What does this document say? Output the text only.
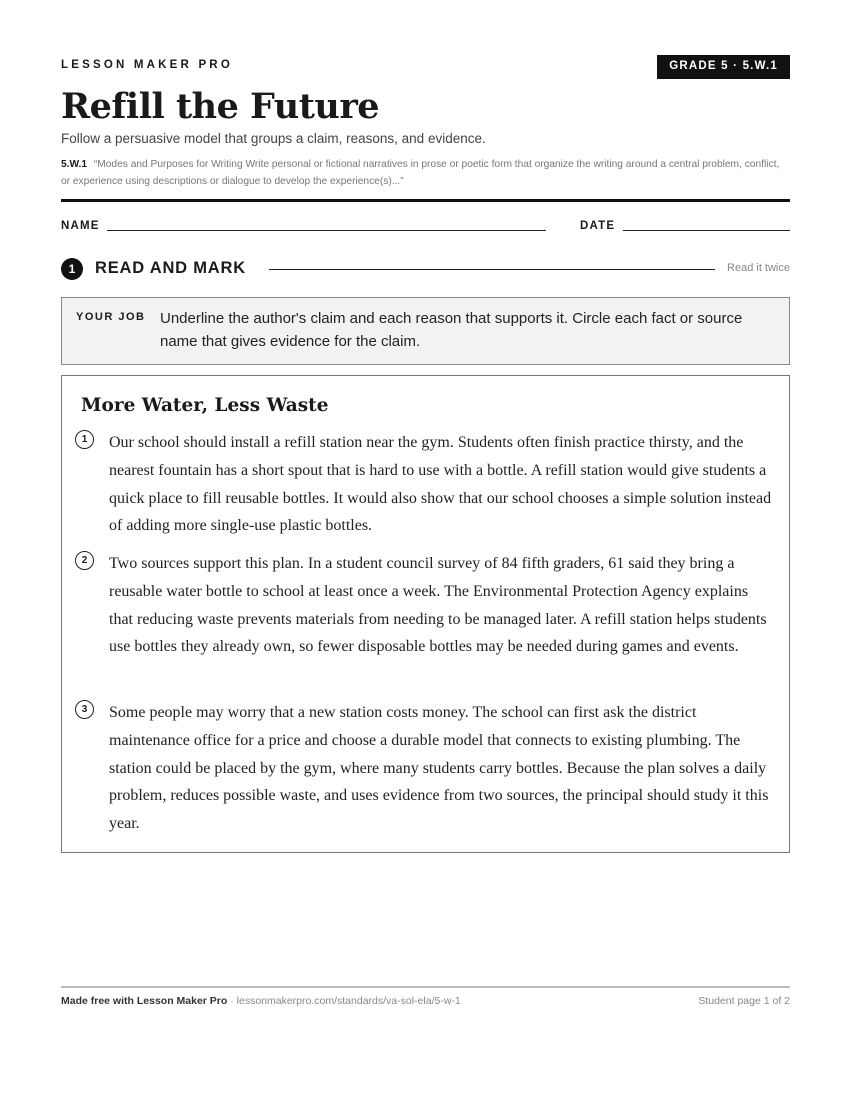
LESSON MAKER PRO	GRADE 5 · 5.W.1
Refill the Future
Follow a persuasive model that groups a claim, reasons, and evidence.
5.W.1 “Modes and Purposes for Writing Write personal or fictional narratives in prose or poetic form that organize the writing around a central problem, conflict, or experience using descriptions or dialogue to develop the experience(s)...”
NAME	DATE
1	READ AND MARK	Read it twice
YOUR JOB Underline the author's claim and each reason that supports it. Circle each fact or source name that gives evidence for the claim.
More Water, Less Waste
1	Our school should install a refill station near the gym. Students often finish practice thirsty, and the nearest fountain has a short spout that is hard to use with a bottle. A refill station would give students a quick place to fill reusable bottles. It would also show that our school chooses a simple solution instead of adding more single-use plastic bottles.
2	Two sources support this plan. In a student council survey of 84 fifth graders, 61 said they bring a reusable water bottle to school at least once a week. The Environmental Protection Agency explains that reducing waste prevents materials from needing to be managed later. A refill station helps students use bottles they already own, so fewer disposable bottles may be needed during games and events.
3	Some people may worry that a new station costs money. The school can first ask the district maintenance office for a price and choose a durable model that connects to existing plumbing. The station could be placed by the gym, where many students carry bottles. Because the plan solves a daily problem, reduces possible waste, and uses evidence from two sources, the principal should study it this year.
Made free with Lesson Maker Pro · lessonmakerpro.com/standards/va-sol-ela/5-w-1	Student page 1 of 2
